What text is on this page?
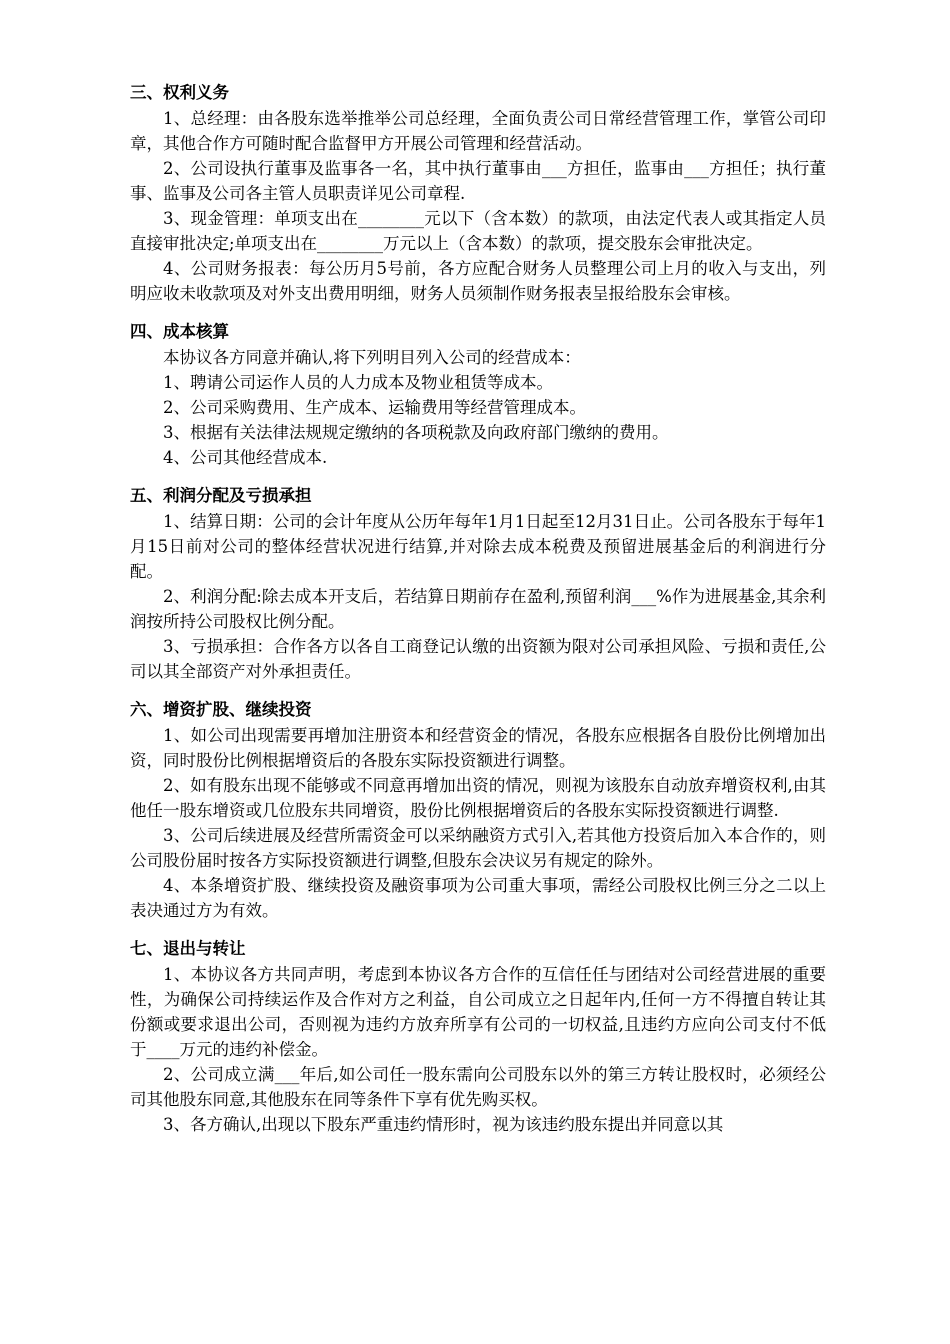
三、权利义务

1、总经理：由各股东选举推举公司总经理，全面负责公司日常经营管理工作，掌管公司印章，其他合作方可随时配合监督甲方开展公司管理和经营活动。

2、公司设执行董事及监事各一名，其中执行董事由___方担任，监事由___方担任；执行董事、监事及公司各主管人员职责详见公司章程.

3、现金管理：单项支出在________元以下（含本数）的款项，由法定代表人或其指定人员直接审批决定;单项支出在________万元以上（含本数）的款项，提交股东会审批决定。

4、公司财务报表：每公历月5号前，各方应配合财务人员整理公司上月的收入与支出，列明应收未收款项及对外支出费用明细，财务人员须制作财务报表呈报给股东会审核。

四、成本核算

本协议各方同意并确认,将下列明目列入公司的经营成本：

1、聘请公司运作人员的人力成本及物业租赁等成本。

2、公司采购费用、生产成本、运输费用等经营管理成本。

3、根据有关法律法规规定缴纳的各项税款及向政府部门缴纳的费用。

4、公司其他经营成本.

五、利润分配及亏损承担

1、结算日期：公司的会计年度从公历年每年1月1日起至12月31日止。公司各股东于每年1月15日前对公司的整体经营状况进行结算,并对除去成本税费及预留进展基金后的利润进行分配。

2、利润分配:除去成本开支后，若结算日期前存在盈利,预留利润___%作为进展基金,其余利润按所持公司股权比例分配。

3、亏损承担：合作各方以各自工商登记认缴的出资额为限对公司承担风险、亏损和责任,公司以其全部资产对外承担责任。

六、增资扩股、继续投资

1、如公司出现需要再增加注册资本和经营资金的情况，各股东应根据各自股份比例增加出资，同时股份比例根据增资后的各股东实际投资额进行调整。

2、如有股东出现不能够或不同意再增加出资的情况，则视为该股东自动放弃增资权利,由其他任一股东增资或几位股东共同增资，股份比例根据增资后的各股东实际投资额进行调整.

3、公司后续进展及经营所需资金可以采纳融资方式引入,若其他方投资后加入本合作的，则公司股份届时按各方实际投资额进行调整,但股东会决议另有规定的除外。

4、本条增资扩股、继续投资及融资事项为公司重大事项，需经公司股权比例三分之二以上表决通过方为有效。

七、退出与转让

1、本协议各方共同声明，考虑到本协议各方合作的互信任任与团结对公司经营进展的重要性，为确保公司持续运作及合作对方之利益，自公司成立之日起年内,任何一方不得擅自转让其份额或要求退出公司，否则视为违约方放弃所享有公司的一切权益,且违约方应向公司支付不低于____万元的违约补偿金。

2、公司成立满___年后,如公司任一股东需向公司股东以外的第三方转让股权时，必须经公司其他股东同意,其他股东在同等条件下享有优先购买权。

3、各方确认,出现以下股东严重违约情形时，视为该违约股东提出并同意以其
